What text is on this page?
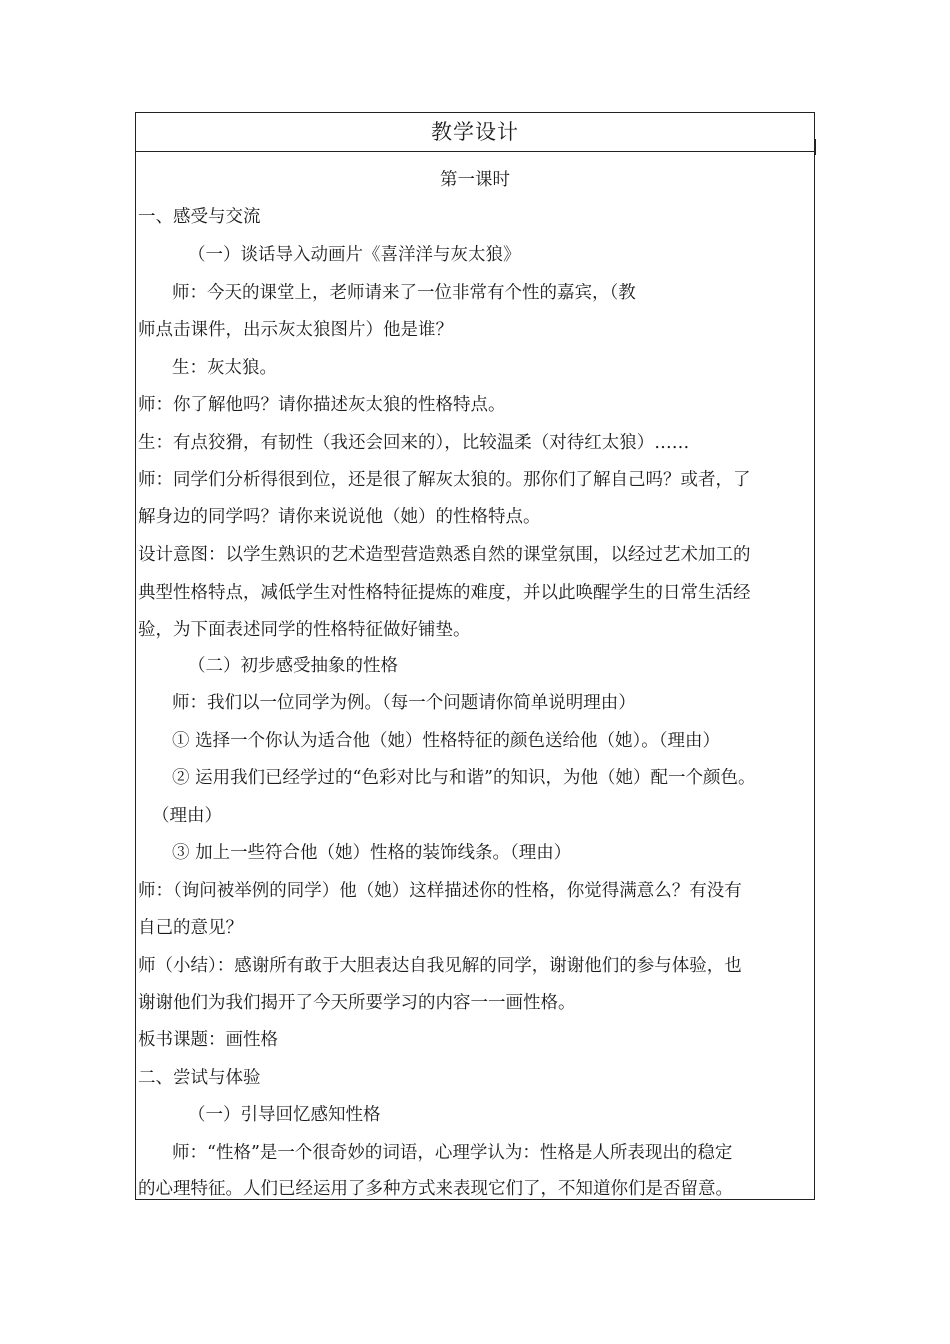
教学设计
第一课时
一、感受与交流
（一）谈话导入动画片《喜洋洋与灰太狼》
师：今天的课堂上，老师请来了一位非常有个性的嘉宾，（教
师点击课件，出示灰太狼图片）他是谁？
生：灰太狼。
师：你了解他吗？请你描述灰太狼的性格特点。
生：有点狡猾，有韧性（我还会回来的），比较温柔（对待红太狼）……
师：同学们分析得很到位，还是很了解灰太狼的。那你们了解自己吗？或者，了
解身边的同学吗？请你来说说他（她）的性格特点。
设计意图：以学生熟识的艺术造型营造熟悉自然的课堂氛围，以经过艺术加工的
典型性格特点，减低学生对性格特征提炼的难度，并以此唤醒学生的日常生活经
验，为下面表述同学的性格特征做好铺垫。
（二）初步感受抽象的性格
师：我们以一位同学为例。（每一个问题请你简单说明理由）
① 选择一个你认为适合他（她）性格特征的颜色送给他（她）。（理由）
② 运用我们已经学过的“色彩对比与和谐”的知识，为他（她）配一个颜色。
（理由）
③ 加上一些符合他（她）性格的装饰线条。（理由）
师：（询问被举例的同学）他（她）这样描述你的性格，你觉得满意么？有没有
自己的意见？
师（小结）：感谢所有敢于大胆表达自我见解的同学，谢谢他们的参与体验，也
谢谢他们为我们揭开了今天所要学习的内容一一画性格。
板书课题：画性格
二、尝试与体验
（一）引导回忆感知性格
师：“性格”是一个很奇妙的词语，心理学认为：性格是人所表现出的稳定
的心理特征。人们已经运用了多种方式来表现它们了，不知道你们是否留意。
